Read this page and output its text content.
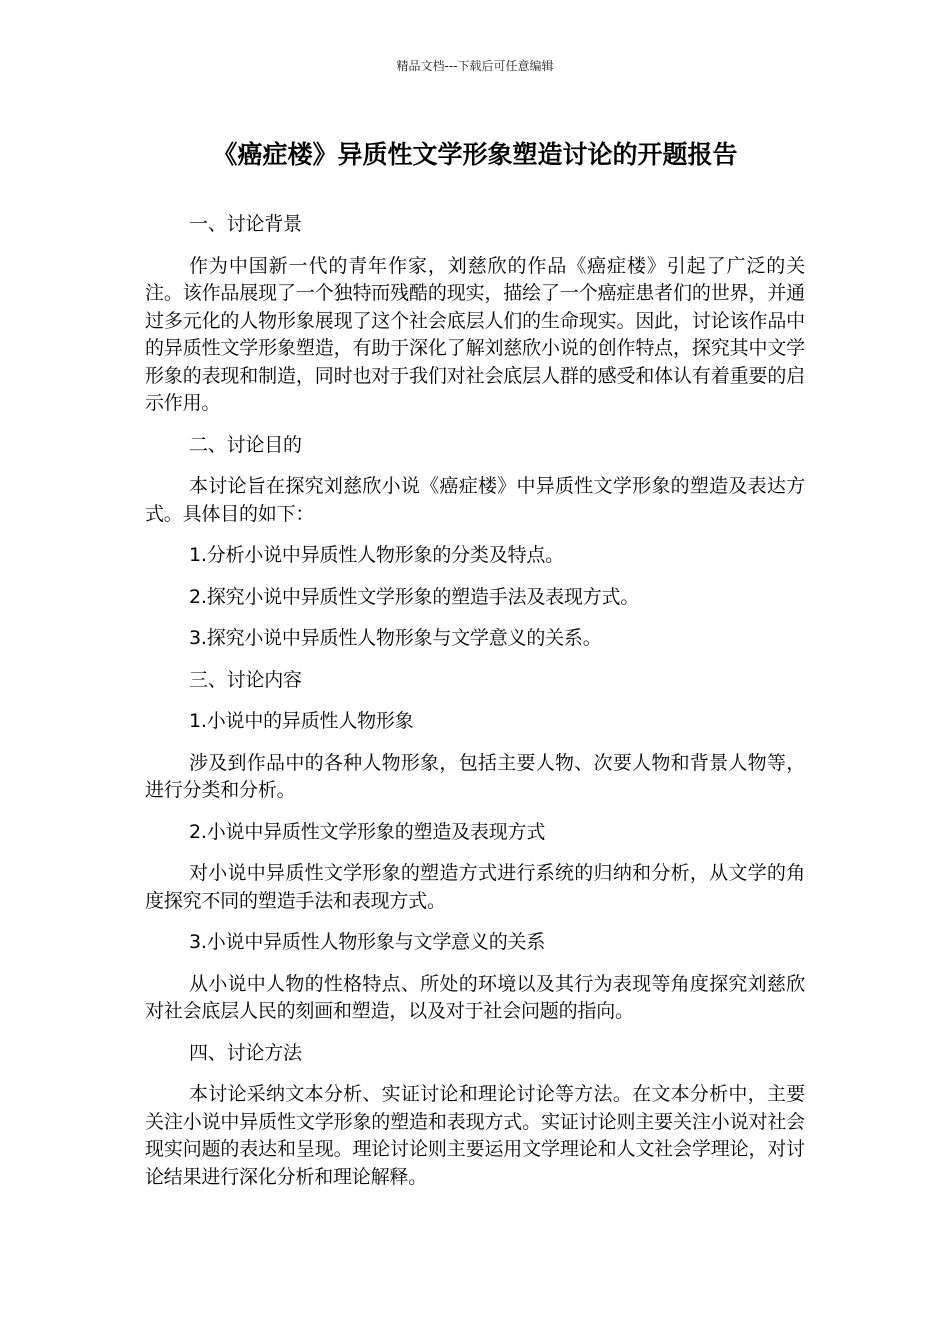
精品文档---下载后可任意编辑
《癌症楼》异质性文学形象塑造讨论的开题报告

一、讨论背景

作为中国新一代的青年作家，刘慈欣的作品《癌症楼》引起了广泛的关注。该作品展现了一个独特而残酷的现实，描绘了一个癌症患者们的世界，并通过多元化的人物形象展现了这个社会底层人们的生命现实。因此，讨论该作品中的异质性文学形象塑造，有助于深化了解刘慈欣小说的创作特点，探究其中文学形象的表现和制造，同时也对于我们对社会底层人群的感受和体认有着重要的启示作用。

二、讨论目的

本讨论旨在探究刘慈欣小说《癌症楼》中异质性文学形象的塑造及表达方式。具体目的如下：

1.分析小说中异质性人物形象的分类及特点。

2.探究小说中异质性文学形象的塑造手法及表现方式。

3.探究小说中异质性人物形象与文学意义的关系。

三、讨论内容

1.小说中的异质性人物形象

涉及到作品中的各种人物形象，包括主要人物、次要人物和背景人物等，进行分类和分析。

2.小说中异质性文学形象的塑造及表现方式

对小说中异质性文学形象的塑造方式进行系统的归纳和分析，从文学的角度探究不同的塑造手法和表现方式。

3.小说中异质性人物形象与文学意义的关系

从小说中人物的性格特点、所处的环境以及其行为表现等角度探究刘慈欣对社会底层人民的刻画和塑造，以及对于社会问题的指向。

四、讨论方法

本讨论采纳文本分析、实证讨论和理论讨论等方法。在文本分析中，主要关注小说中异质性文学形象的塑造和表现方式。实证讨论则主要关注小说对社会现实问题的表达和呈现。理论讨论则主要运用文学理论和人文社会学理论，对讨论结果进行深化分析和理论解释。
